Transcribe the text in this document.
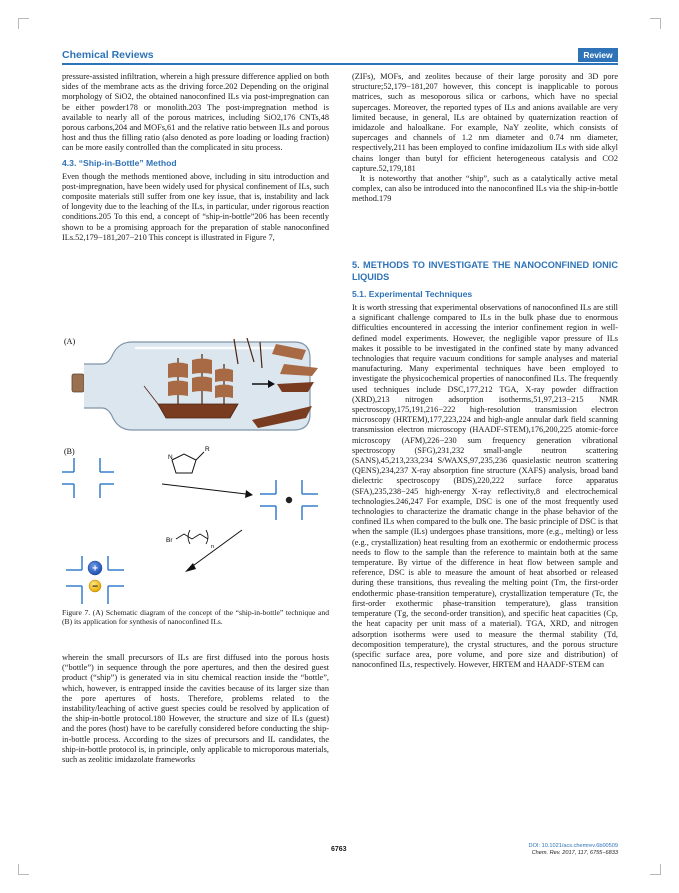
Chemical Reviews	Review

pressure-assisted infiltration, wherein a high pressure difference applied on both sides of the membrane acts as the driving force.202 Depending on the original morphology of SiO2, the obtained nanoconfined ILs via post-impregnation can be either powder178 or monolith.203 The post-impregnation method is available to nearly all of the porous matrices, including SiO2,176 CNTs,48 porous carbons,204 and MOFs,61 and the relative ratio between ILs and porous host and thus the filling ratio (also denoted as pore loading or loading fraction) can be more easily controlled than the complicated in situ process.

4.3. “Ship-in-Bottle” Method

Even though the methods mentioned above, including in situ introduction and post-impregnation, have been widely used for physical confinement of ILs, such composite materials still suffer from one key issue, that is, instability and lack of longevity due to the leaching of the ILs, in particular, under rigorous reaction conditions.205 To this end, a concept of “ship-in-bottle”206 has been recently shown to be a promising approach for the preparation of stable nanoconfined ILs.52,179−181,207−210 This concept is illustrated in Figure 7,

(A)
(B)
N
R
Br
n
+
−
Figure 7. (A) Schematic diagram of the concept of the “ship-in-bottle” technique and (B) its application for synthesis of nanoconfined ILs.

wherein the small precursors of ILs are first diffused into the porous hosts (“bottle”) in sequence through the pore apertures, and then the desired guest product (“ship”) is generated via in situ chemical reaction inside the “bottle”, which, however, is entrapped inside the cavities because of its larger size than the pore apertures of hosts. Therefore, problems related to the instability/leaching of active guest species could be resolved by application of the ship-in-bottle protocol.180 However, the structure and size of ILs (guest) and the pores (host) have to be carefully considered before conducting the ship-in-bottle process. According to the sizes of precursors and IL candidates, the ship-in-bottle protocol is, in principle, only applicable to microporous materials, such as zeolitic imidazolate frameworks

(ZIFs), MOFs, and zeolites because of their large porosity and 3D pore structure;52,179−181,207 however, this concept is inapplicable to porous matrices, such as mesoporous silica or carbons, which have no special supercages. Moreover, the reported types of ILs and anions available are very limited because, in general, ILs are obtained by quaternization reaction of imidazole and haloalkane. For example, NaY zeolite, which consists of supercages and channels of 1.2 nm diameter and 0.74 nm diameter, respectively,211 has been employed to confine imidazolium ILs with side alkyl chains longer than butyl for efficient heterogeneous catalysis and CO2 capture.52,179,181

It is noteworthy that another “ship”, such as a catalytically active metal complex, can also be introduced into the nanoconfined ILs via the ship-in-bottle method.179

5. METHODS TO INVESTIGATE THE NANOCONFINED IONIC LIQUIDS
5.1. Experimental Techniques

It is worth stressing that experimental observations of nanoconfined ILs are still a significant challenge compared to ILs in the bulk phase due to enormous difficulties encountered in accessing the interior confinement region in well-defined model experiments. However, the negligible vapor pressure of ILs makes it possible to be investigated in the confined state by many advanced technologies that require vacuum conditions for sample analyses and material manufacturing. Many experimental techniques have been employed to investigate the physicochemical properties of nanoconfined ILs. The frequently used techniques include DSC,177,212 TGA, X-ray powder diffraction (XRD),213 nitrogen adsorption isotherms,51,97,213−215 NMR spectroscopy,175,191,216−222 high-resolution transmission electron microscopy (HRTEM),177,223,224 and high-angle annular dark field scanning transmission electron microscopy (HAADF-STEM),176,200,225 atomic-force microscopy (AFM),226−230 sum frequency generation vibrational spectroscopy (SFG),231,232 small-angle neutron scattering (SANS),45,213,233,234 S/WAXS,97,235,236 quasielastic neutron scattering (QENS),234,237 X-ray absorption fine structure (XAFS) analysis, broad band dielectric spectroscopy (BDS),220,222 surface force apparatus (SFA),235,238−245 high-energy X-ray reflectivity,8 and electrochemical technologies.246,247 For example, DSC is one of the most frequently used technologies to characterize the dramatic change in the phase behavior of the confined ILs when compared to the bulk one. The basic principle of DSC is that when the sample (ILs) undergoes phase transitions, more (e.g., melting) or less (e.g., crystallization) heat resulting from an exothermic or endothermic process needs to flow to the sample than the reference to maintain both at the same temperature. By virtue of the difference in heat flow between sample and reference, DSC is able to measure the amount of heat absorbed or released during these transitions, thus revealing the melting point (Tm, the first-order endothermic phase-transition temperature), crystallization temperature (Tc, the first-order exothermic phase-transition temperature), glass transition temperature (Tg, the second-order transition), and specific heat capacities (Cp, the heat capacity per unit mass of a material). TGA, XRD, and nitrogen adsorption isotherms were used to measure the thermal stability (Td, decomposition temperature), the crystal structures, and the porous structure (specific surface area, pore volume, and pore size and distribution) of nanoconfined ILs, respectively. However, HRTEM and HAADF-STEM can

6763	DOI: 10.1021/acs.chemrev.6b00509
Chem. Rev. 2017, 117, 6755−6833
